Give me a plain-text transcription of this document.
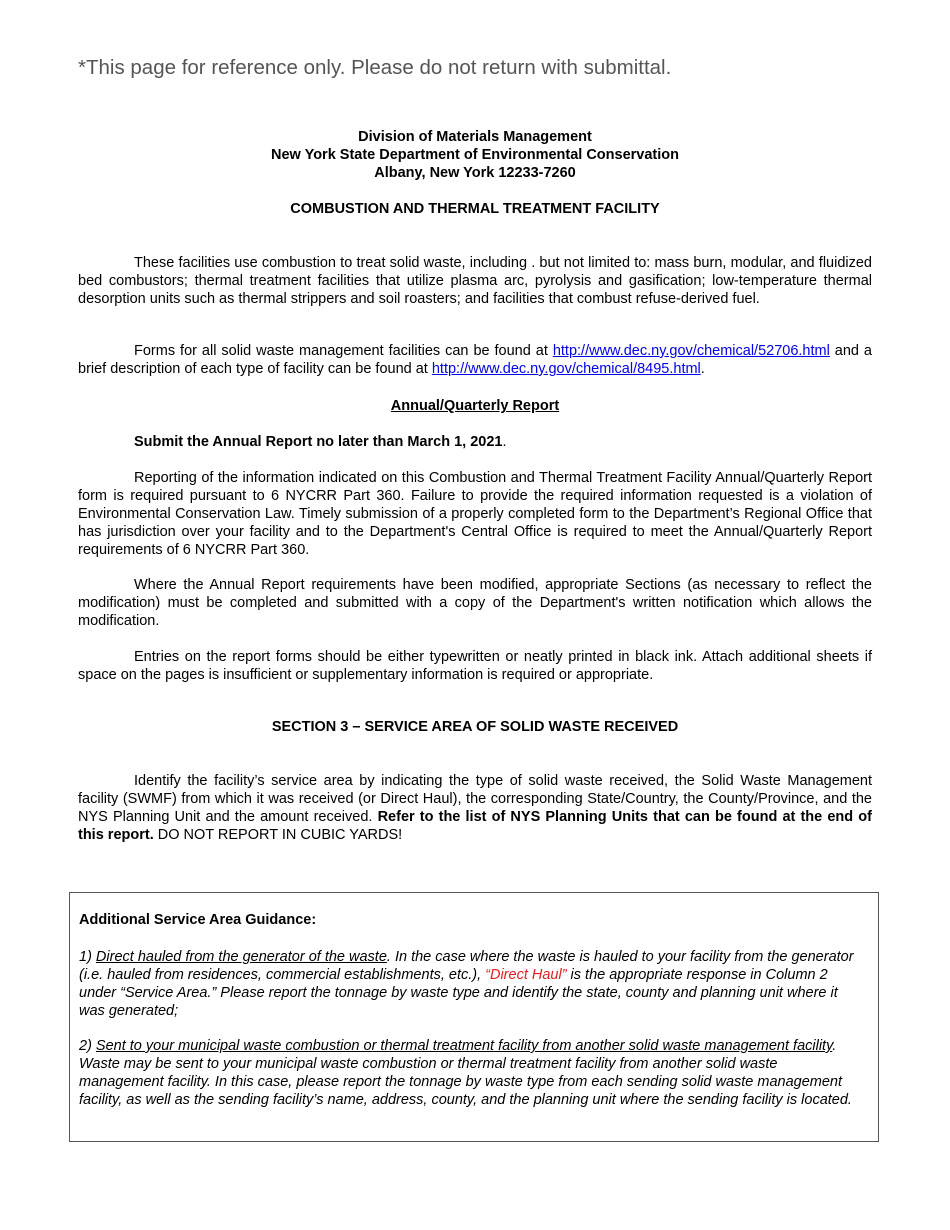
*This page for reference only. Please do not return with submittal.
Division of Materials Management
New York State Department of Environmental Conservation
Albany, New York 12233-7260
COMBUSTION AND THERMAL TREATMENT FACILITY
These facilities use combustion to treat solid waste, including . but not limited to: mass burn, modular, and fluidized bed combustors; thermal treatment facilities that utilize plasma arc, pyrolysis and gasification; low-temperature thermal desorption units such as thermal strippers and soil roasters; and facilities that combust refuse-derived fuel.
Forms for all solid waste management facilities can be found at http://www.dec.ny.gov/chemical/52706.html and a brief description of each type of facility can be found at http://www.dec.ny.gov/chemical/8495.html.
Annual/Quarterly Report
Submit the Annual Report no later than March 1, 2021.
Reporting of the information indicated on this Combustion and Thermal Treatment Facility Annual/Quarterly Report form is required pursuant to 6 NYCRR Part 360. Failure to provide the required information requested is a violation of Environmental Conservation Law. Timely submission of a properly completed form to the Department’s Regional Office that has jurisdiction over your facility and to the Department's Central Office is required to meet the Annual/Quarterly Report requirements of 6 NYCRR Part 360.
Where the Annual Report requirements have been modified, appropriate Sections (as necessary to reflect the modification) must be completed and submitted with a copy of the Department's written notification which allows the modification.
Entries on the report forms should be either typewritten or neatly printed in black ink. Attach additional sheets if space on the pages is insufficient or supplementary information is required or appropriate.
SECTION 3 – SERVICE AREA OF SOLID WASTE RECEIVED
Identify the facility’s service area by indicating the type of solid waste received, the Solid Waste Management facility (SWMF) from which it was received (or Direct Haul), the corresponding State/Country, the County/Province, and the NYS Planning Unit and the amount received. Refer to the list of NYS Planning Units that can be found at the end of this report. DO NOT REPORT IN CUBIC YARDS!
Additional Service Area Guidance:
1) Direct hauled from the generator of the waste. In the case where the waste is hauled to your facility from the generator (i.e. hauled from residences, commercial establishments, etc.), “Direct Haul” is the appropriate response in Column 2 under “Service Area.” Please report the tonnage by waste type and identify the state, county and planning unit where it was generated;
2) Sent to your municipal waste combustion or thermal treatment facility from another solid waste management facility. Waste may be sent to your municipal waste combustion or thermal treatment facility from another solid waste management facility. In this case, please report the tonnage by waste type from each sending solid waste management facility, as well as the sending facility’s name, address, county, and the planning unit where the sending facility is located.
